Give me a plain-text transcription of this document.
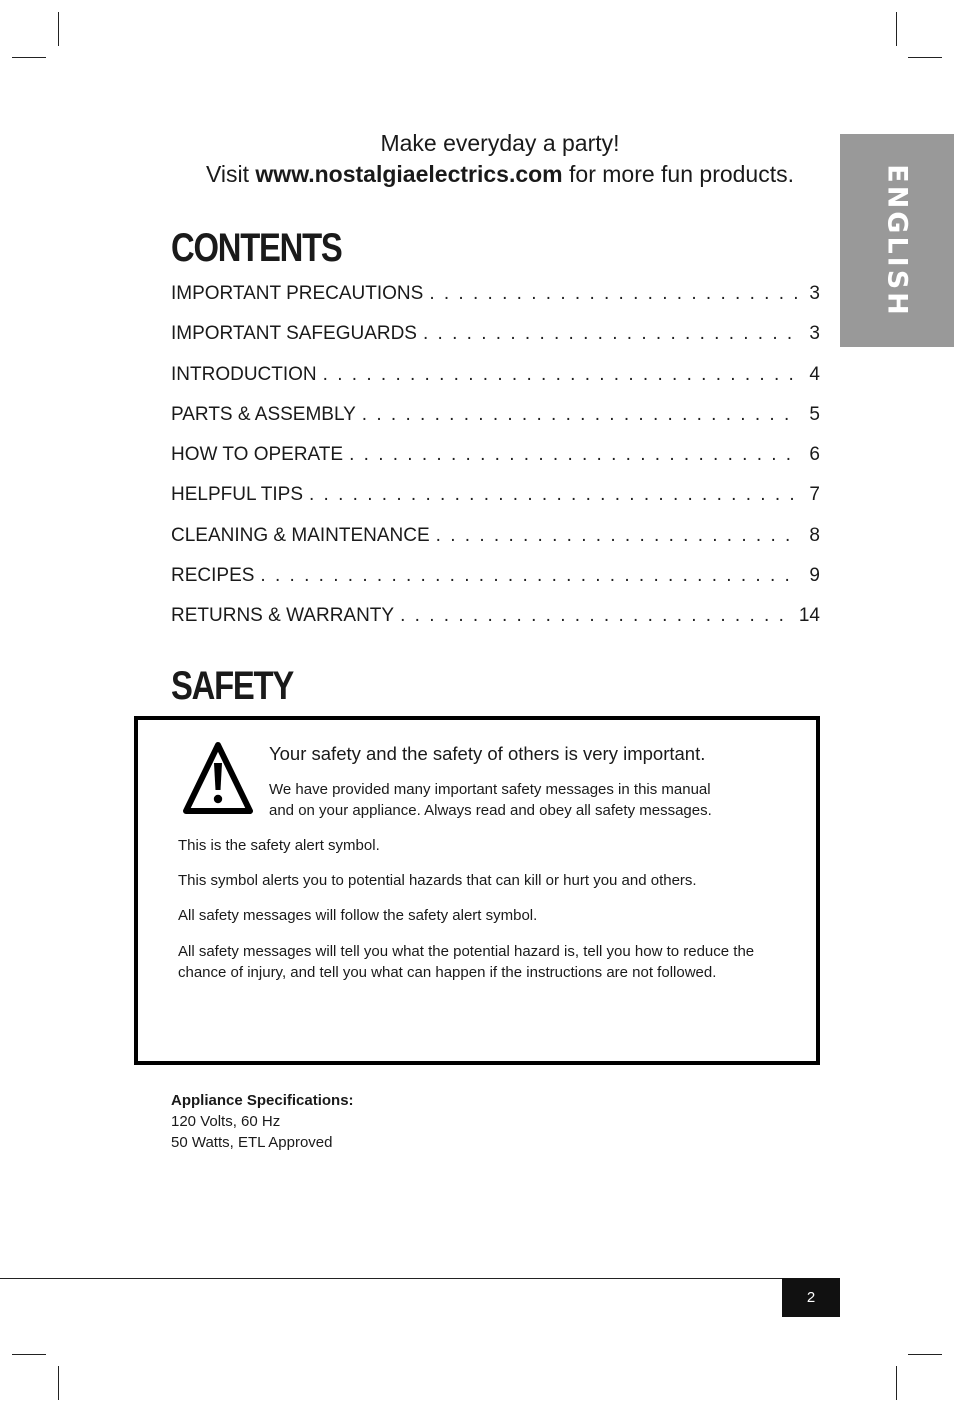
Make everyday a party!
Visit www.nostalgiaelectrics.com for more fun products.	ENGLISH
CONTENTS
IMPORTANT PRECAUTIONS . . .	3
IMPORTANT SAFEGUARDS . . .	3
INTRODUCTION . . .	4
PARTS & ASSEMBLY . . .	5
HOW TO OPERATE . . .	6
HELPFUL TIPS . . .	7
CLEANING & MAINTENANCE . . .	8
RECIPES . . .	9
RETURNS & WARRANTY . . .	14
SAFETY
Your safety and the safety of others is very important.
We have provided many important safety messages in this manual
and on your appliance. Always read and obey all safety messages.

This is the safety alert symbol.

This symbol alerts you to potential hazards that can kill or hurt you and others.

All safety messages will follow the safety alert symbol.

All safety messages will tell you what the potential hazard is, tell you how to reduce the chance of injury, and tell you what can happen if the instructions are not followed.

Appliance Specifications:
120 Volts, 60 Hz
50 Watts, ETL Approved
2
